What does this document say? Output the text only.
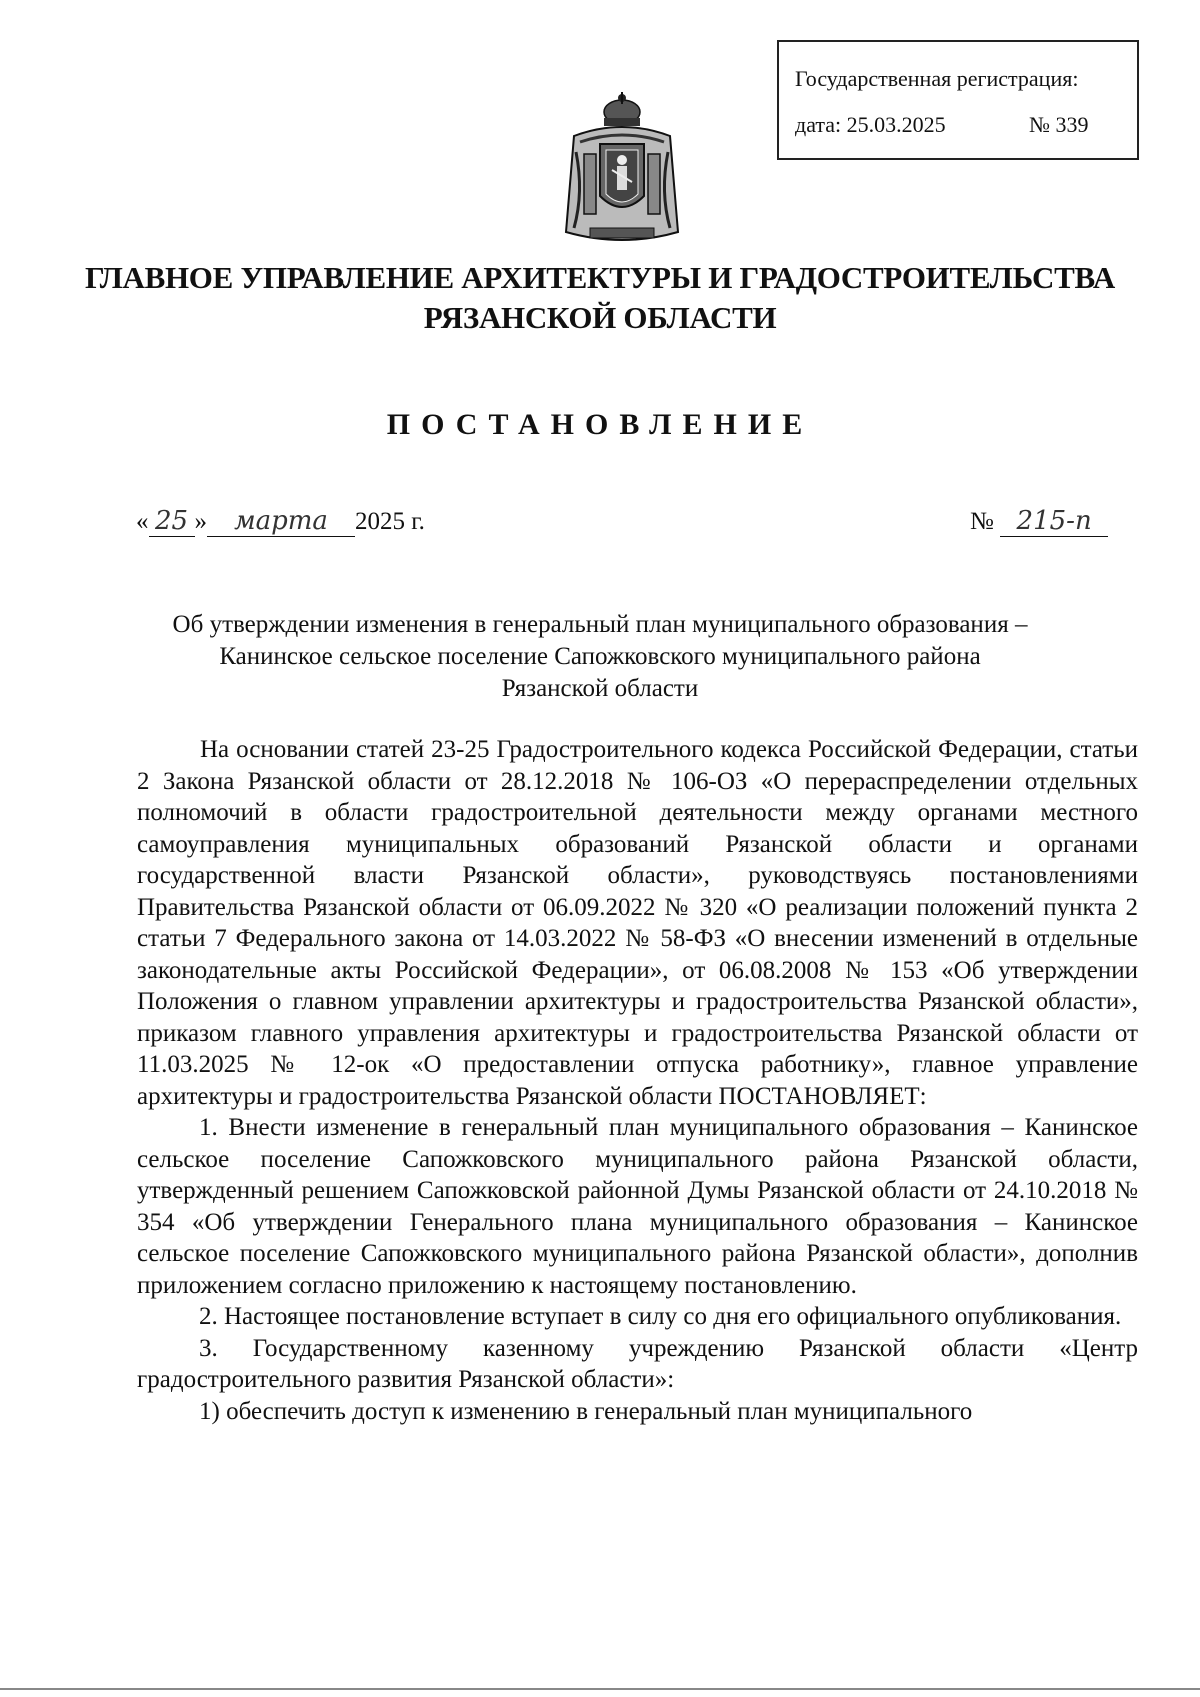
Государственная регистрация:
дата: 25.03.2025	№ 339
ГЛАВНОЕ УПРАВЛЕНИЕ АРХИТЕКТУРЫ И ГРАДОСТРОИТЕЛЬСТВА
РЯЗАНСКОЙ ОБЛАСТИ
ПОСТАНОВЛЕНИЕ
« 25 » марта 2025 г.	№ 215-п
Об утверждении изменения в генеральный план муниципального образования –
Канинское сельское поселение Сапожковского муниципального района
Рязанской области

На основании статей 23-25 Градостроительного кодекса Российской Федерации, статьи 2 Закона Рязанской области от 28.12.2018 № 106-ОЗ «О перераспределении отдельных полномочий в области градостроительной деятельности между органами местного самоуправления муниципальных образований Рязанской области и органами государственной власти Рязанской области», руководствуясь постановлениями Правительства Рязанской области от 06.09.2022 № 320 «О реализации положений пункта 2 статьи 7 Федерального закона от 14.03.2022 № 58-ФЗ «О внесении изменений в отдельные законодательные акты Российской Федерации», от 06.08.2008 № 153 «Об утверждении Положения о главном управлении архитектуры и градостроительства Рязанской области», приказом главного управления архитектуры и градостроительства Рязанской области от 11.03.2025 № 12-ок «О предоставлении отпуска работнику», главное управление архитектуры и градостроительства Рязанской области ПОСТАНОВЛЯЕТ:

1. Внести изменение в генеральный план муниципального образования – Канинское сельское поселение Сапожковского муниципального района Рязанской области, утвержденный решением Сапожковской районной Думы Рязанской области от 24.10.2018 № 354 «Об утверждении Генерального плана муниципального образования – Канинское сельское поселение Сапожковского муниципального района Рязанской области», дополнив приложением согласно приложению к настоящему постановлению.

2. Настоящее постановление вступает в силу со дня его официального опубликования.

3. Государственному казенному учреждению Рязанской области «Центр градостроительного развития Рязанской области»:

1) обеспечить доступ к изменению в генеральный план муниципального
